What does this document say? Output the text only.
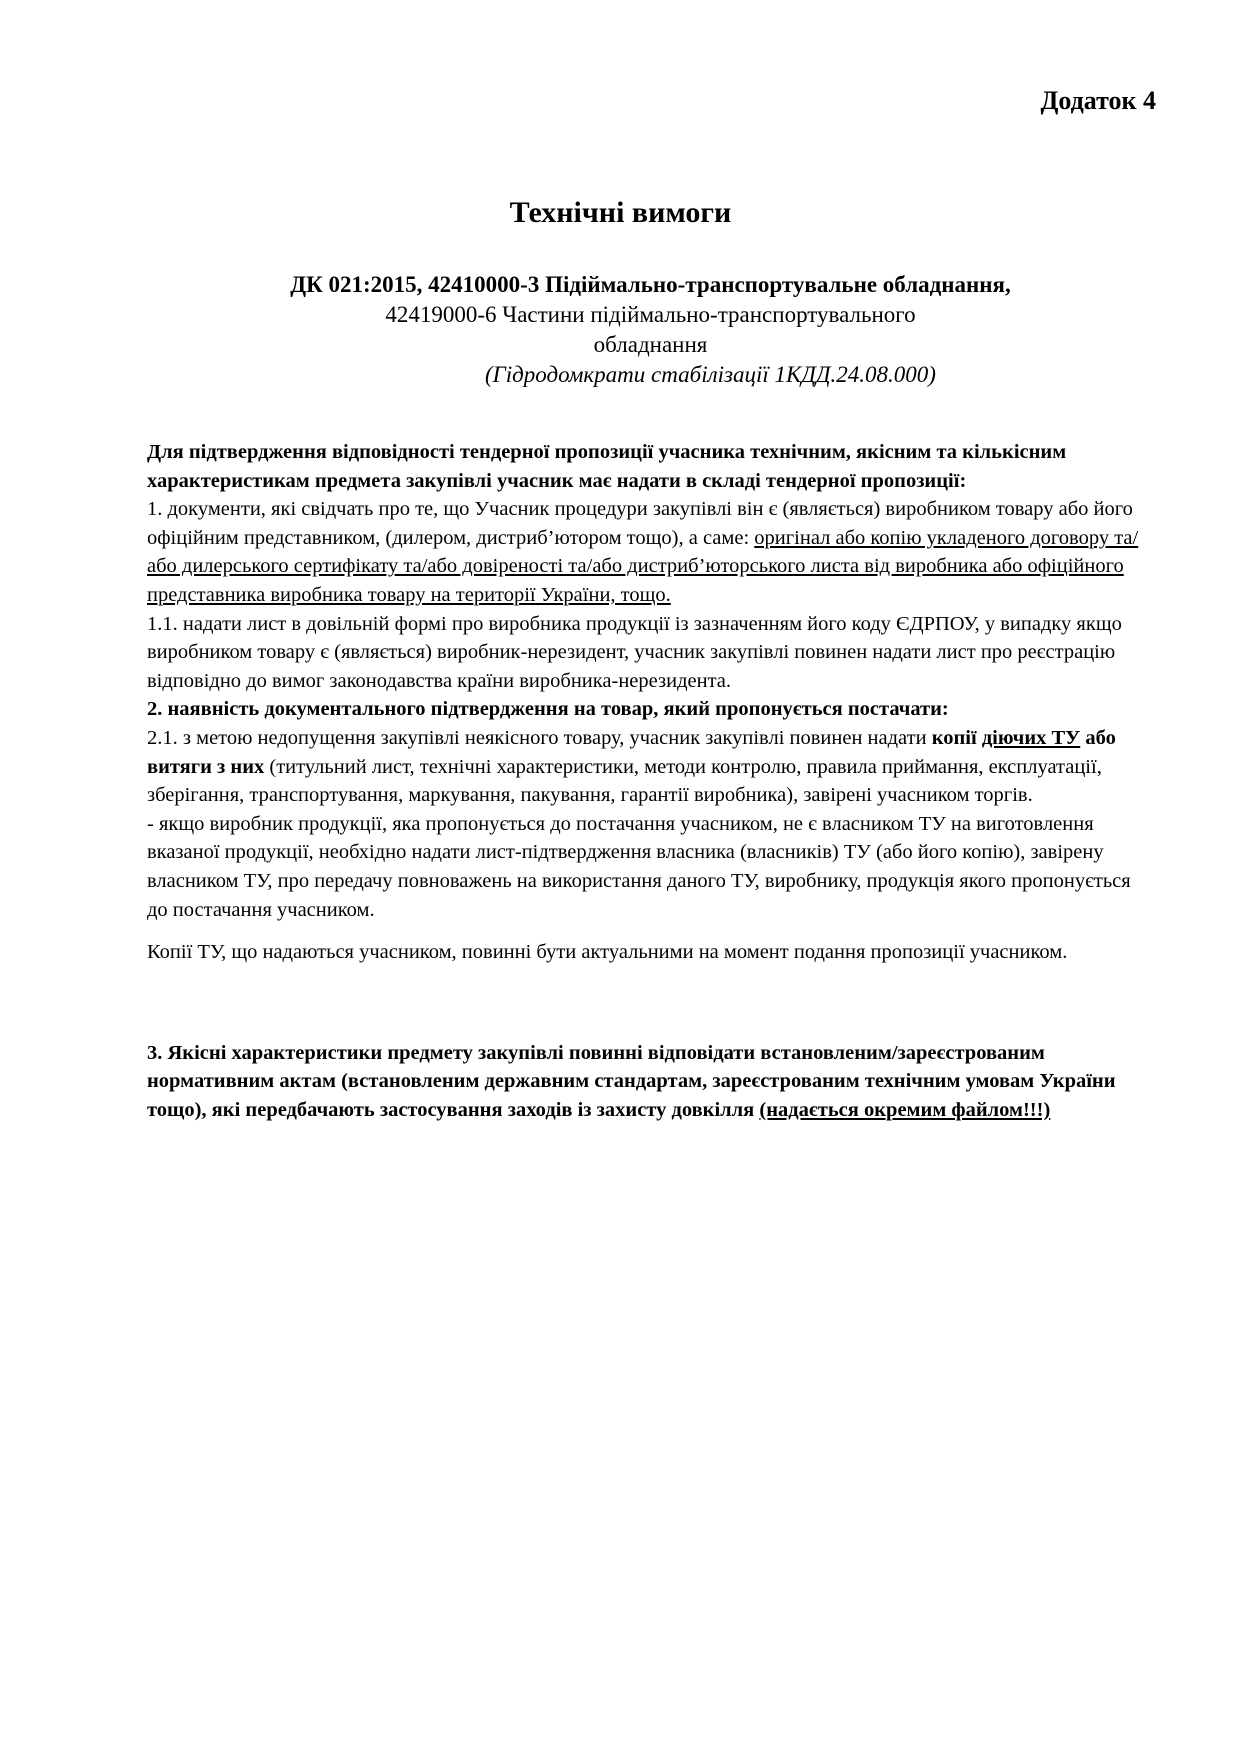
Додаток 4
Технічні вимоги
ДК 021:2015, 42410000-3 Підіймально-транспортувальне обладнання,
42419000-6 Частини підіймально-транспортувального
обладнання
(Гідродомкрати стабілізації 1КДД.24.08.000)

Для підтвердження відповідності тендерної пропозиції учасника технічним, якісним та кількісним характеристикам предмета закупівлі учасник має надати в складі тендерної пропозиції:

1. документи, які свідчать про те, що Учасник процедури закупівлі він є (являється) виробником товару або його офіційним представником, (дилером, дистриб’ютором тощо), а саме: оригінал або копію укладеного договору та/або дилерського сертифікату та/або довіреності та/або дистриб’юторського листа від виробника або офіційного представника виробника товару на території України, тощо.

1.1. надати лист в довільній формі про виробника продукції із зазначенням його коду ЄДРПОУ, у випадку якщо виробником товару є (являється) виробник-нерезидент, учасник закупівлі повинен надати лист про реєстрацію відповідно до вимог законодавства країни виробника-нерезидента.

2. наявність документального підтвердження на товар, який пропонується постачати:

2.1. з метою недопущення закупівлі неякісного товару, учасник закупівлі повинен надати копії діючих ТУ або витяги з них (титульний лист, технічні характеристики, методи контролю, правила приймання, експлуатації, зберігання, транспортування, маркування, пакування, гарантії виробника), завірені учасником торгів.

- якщо виробник продукції, яка пропонується до постачання учасником, не є власником ТУ на виготовлення вказаної продукції, необхідно надати лист-підтвердження власника (власників) ТУ (або його копію), завірену власником ТУ, про передачу повноважень на використання даного ТУ, виробнику, продукція якого пропонується до постачання учасником.

Копії ТУ, що надаються учасником, повинні бути актуальними на момент подання пропозиції учасником.

3. Якісні характеристики предмету закупівлі повинні відповідати встановленим/зареєстрованим нормативним актам (встановленим державним стандартам, зареєстрованим технічним умовам України тощо), які передбачають застосування заходів із захисту довкілля (надається окремим файлом!!!)
